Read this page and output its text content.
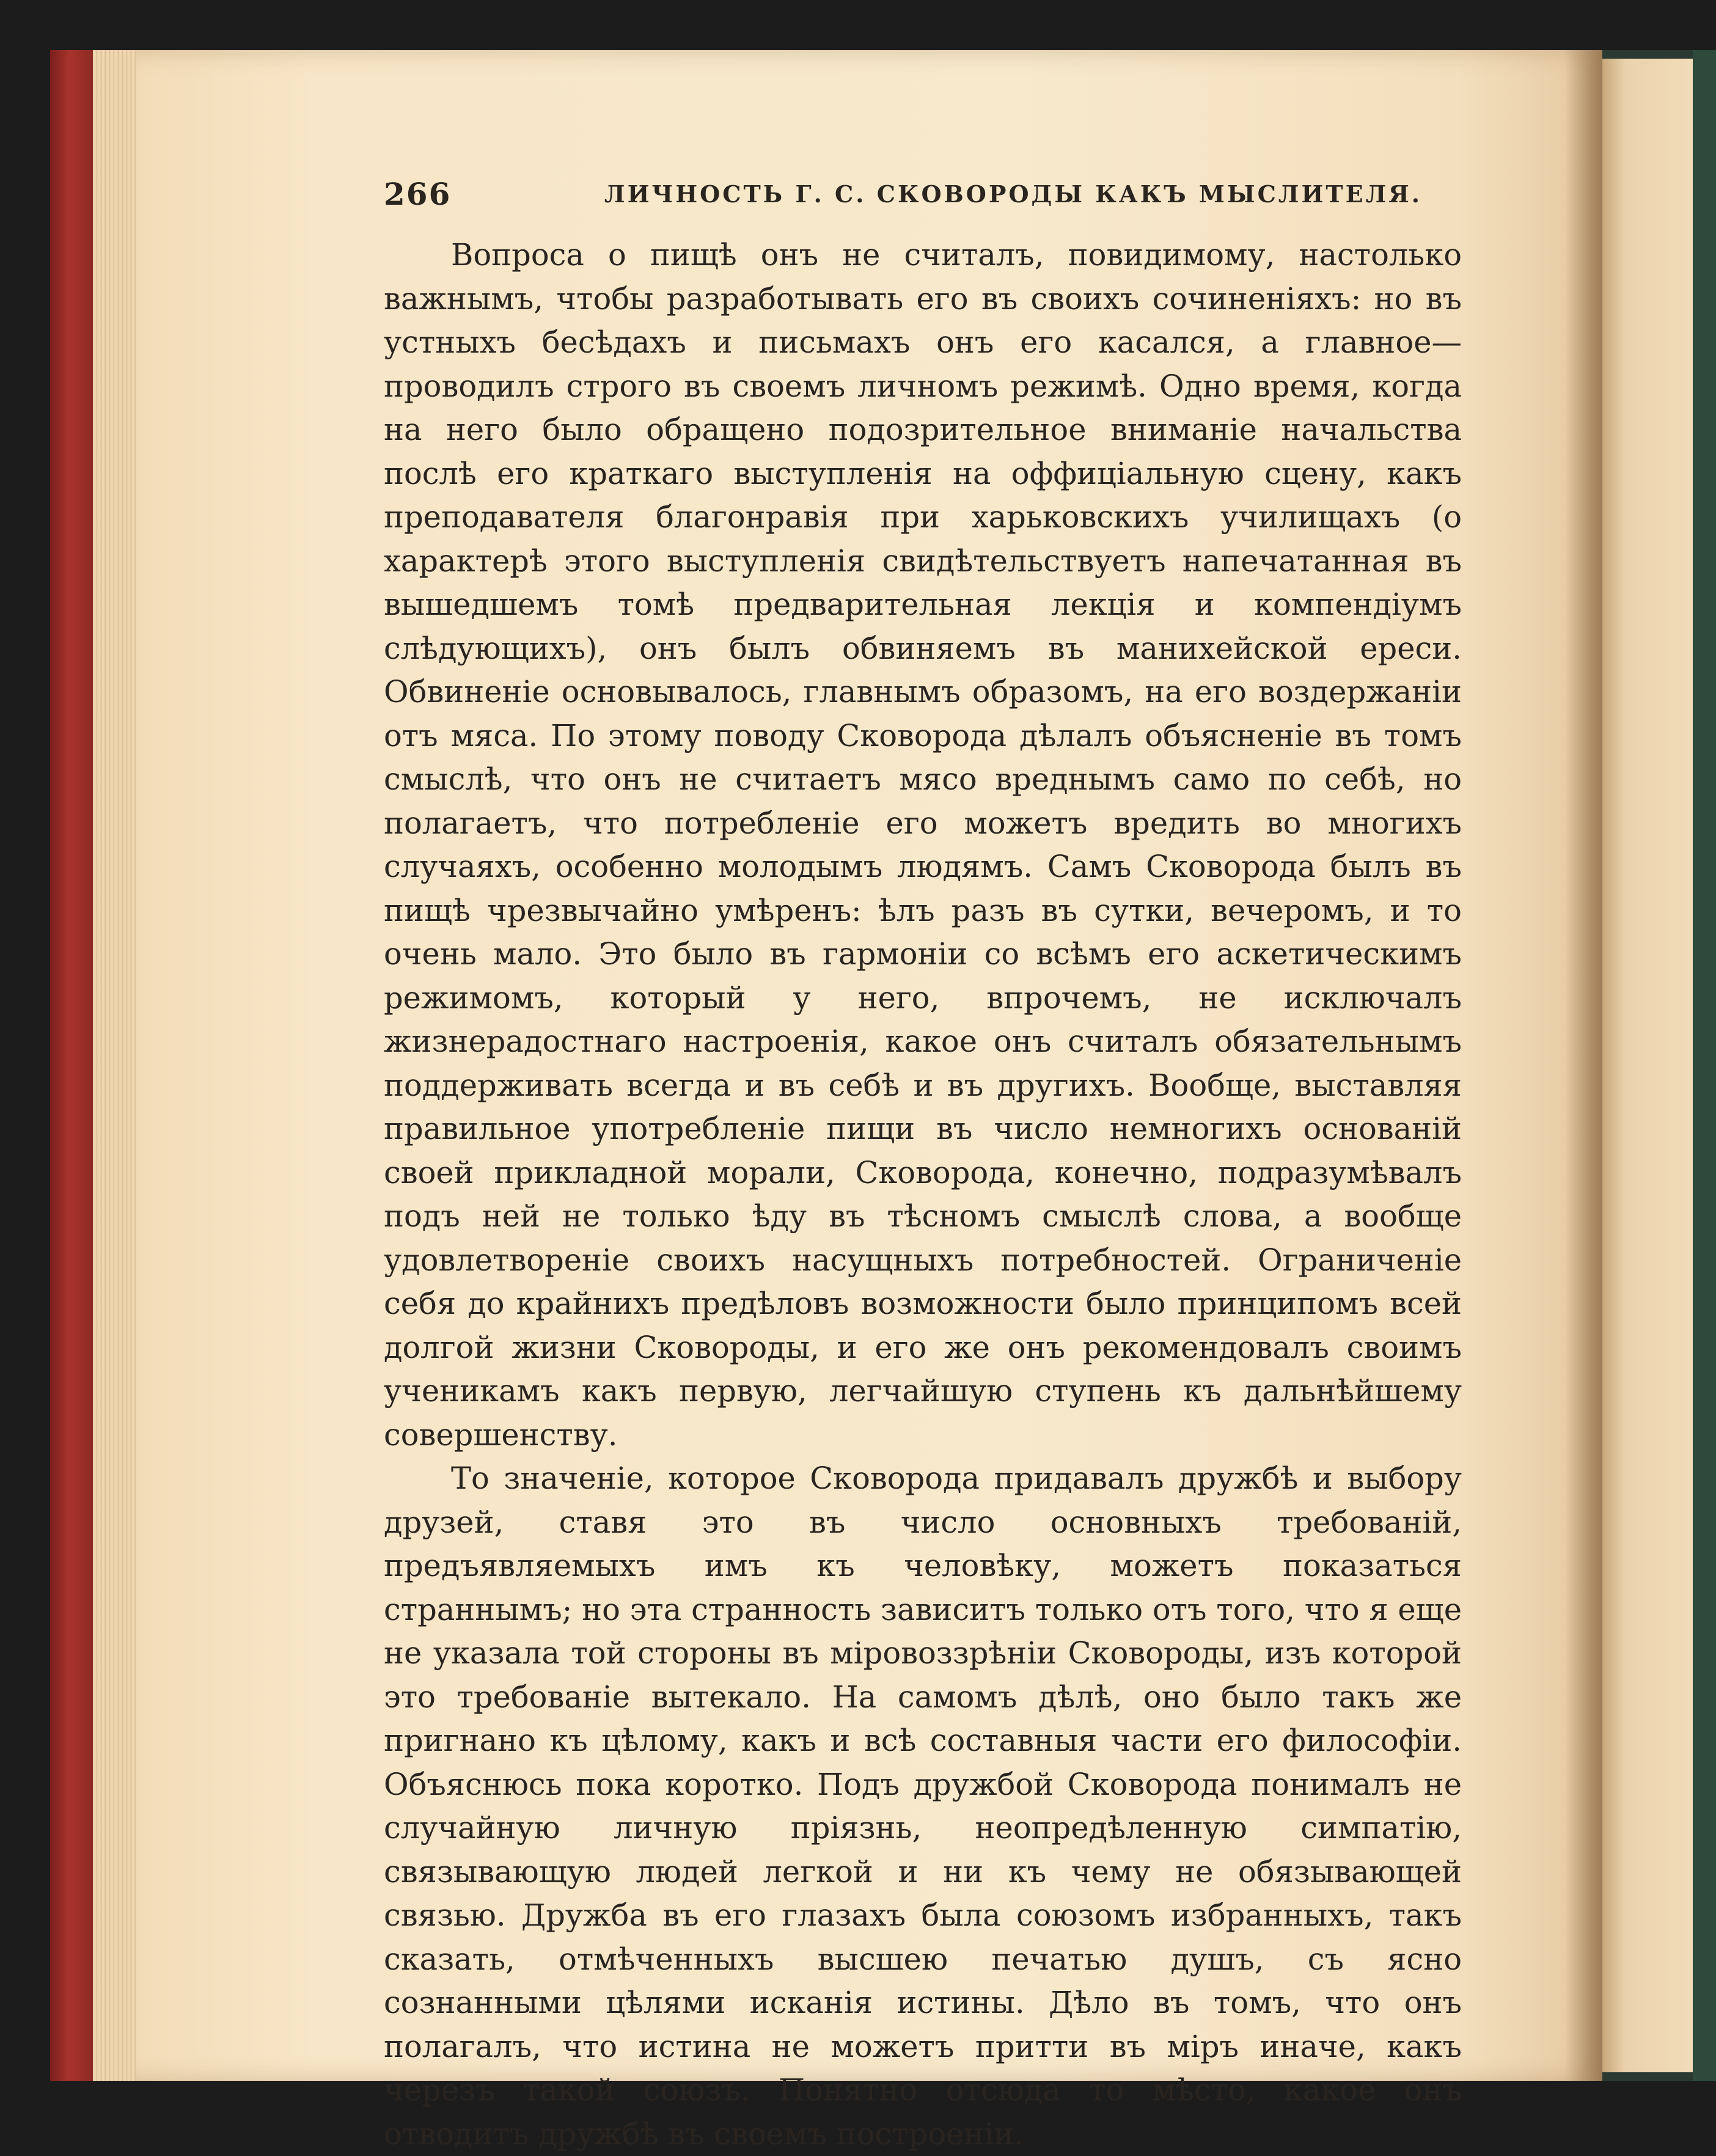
266	ЛИЧНОСТЬ Г. С. СКОВОРОДЫ КАКЪ МЫСЛИТЕЛЯ.

Вопроса о пищѣ онъ не считалъ, повидимому, настолько важнымъ, чтобы разработывать его въ своихъ сочиненіяхъ: но въ устныхъ бесѣдахъ и письмахъ онъ его касался, а главное—проводилъ строго въ своемъ личномъ режимѣ. Одно время, когда на него было обращено подозрительное вниманіе начальства послѣ его краткаго выступленія на оффиціальную сцену, какъ преподавателя благонравія при харьковскихъ училищахъ (о характерѣ этого выступленія свидѣтельствуетъ напечатанная въ вышедшемъ томѣ предварительная лекція и компендіумъ слѣдующихъ), онъ былъ обвиняемъ въ манихейской ереси. Обвиненіе основывалось, главнымъ образомъ, на его воздержаніи отъ мяса. По этому поводу Сковорода дѣлалъ объясненіе въ томъ смыслѣ, что онъ не считаетъ мясо вреднымъ само по себѣ, но полагаетъ, что потребленіе его можетъ вредить во многихъ случаяхъ, особенно молодымъ людямъ. Самъ Сковорода былъ въ пищѣ чрезвычайно умѣренъ: ѣлъ разъ въ сутки, вечеромъ, и то очень мало. Это было въ гармоніи со всѣмъ его аскетическимъ режимомъ, который у него, впрочемъ, не исключалъ жизнерадостнаго настроенія, какое онъ считалъ обязательнымъ поддерживать всегда и въ себѣ и въ другихъ. Вообще, выставляя правильное употребленіе пищи въ число немногихъ основаній своей прикладной морали, Сковорода, конечно, подразумѣвалъ подъ ней не только ѣду въ тѣсномъ смыслѣ слова, а вообще удовлетвореніе своихъ насущныхъ потребностей. Ограниченіе себя до крайнихъ предѣловъ возможности было принципомъ всей долгой жизни Сковороды, и его же онъ рекомендовалъ своимъ ученикамъ какъ первую, легчайшую ступень къ дальнѣйшему совершенству.

То значеніе, которое Сковорода придавалъ дружбѣ и выбору друзей, ставя это въ число основныхъ требованій, предъявляемыхъ имъ къ человѣку, можетъ показаться страннымъ; но эта странность зависитъ только отъ того, что я еще не указала той стороны въ міровоззрѣніи Сковороды, изъ которой это требованіе вытекало. На самомъ дѣлѣ, оно было такъ же пригнано къ цѣлому, какъ и всѣ составныя части его философіи. Объяснюсь пока коротко. Подъ дружбой Сковорода понималъ не случайную личную пріязнь, неопредѣленную симпатію, связывающую людей легкой и ни къ чему не обязывающей связью. Дружба въ его глазахъ была союзомъ избранныхъ, такъ сказать, отмѣченныхъ высшею печатью душъ, съ ясно сознанными цѣлями исканія истины. Дѣло въ томъ, что онъ полагалъ, что истина не можетъ притти въ міръ иначе, какъ черезъ такой союзъ. Понятно отсюда то мѣсто, какое онъ отводитъ дружбѣ въ своемъ построеніи.
